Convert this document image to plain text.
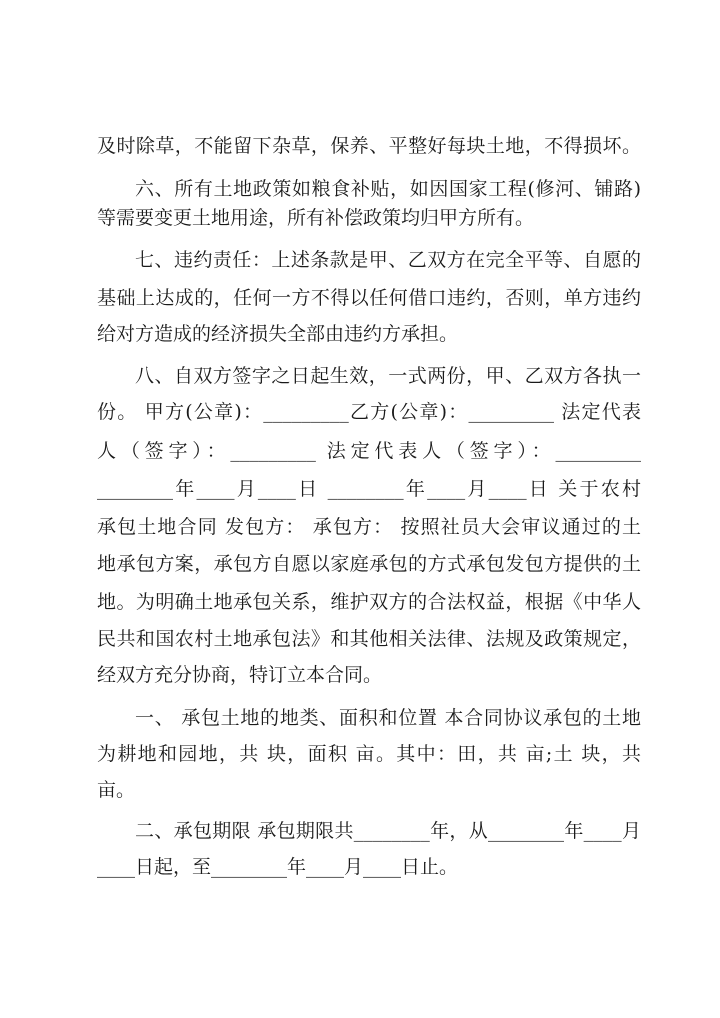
及时除草，不能留下杂草，保养、平整好每块土地，不得损坏。
六、所有土地政策如粮食补贴，如因国家工程(修河、铺路)
等需要变更土地用途，所有补偿政策均归甲方所有。
七、违约责任：上述条款是甲、乙双方在完全平等、自愿的
基础上达成的，任何一方不得以任何借口违约，否则，单方违约
给对方造成的经济损失全部由违约方承担。
八、自双方签字之日起生效，一式两份，甲、乙双方各执一
份。 甲方(公章)：_________乙方(公章)：_________ 法定代表
人（签字）：_________ 法定代表人（签字）：_________
________年____月____日 ________年____月____日 关于农村
承包土地合同 发包方： 承包方： 按照社员大会审议通过的土
地承包方案，承包方自愿以家庭承包的方式承包发包方提供的土
地。为明确土地承包关系，维护双方的合法权益，根据《中华人
民共和国农村土地承包法》和其他相关法律、法规及政策规定，
经双方充分协商，特订立本合同。
一、 承包土地的地类、面积和位置 本合同协议承包的土地
为耕地和园地，共 块，面积 亩。其中：田，共 亩;土 块，共
亩。
二、承包期限 承包期限共________年，从________年____月
____日起，至________年____月____日止。
